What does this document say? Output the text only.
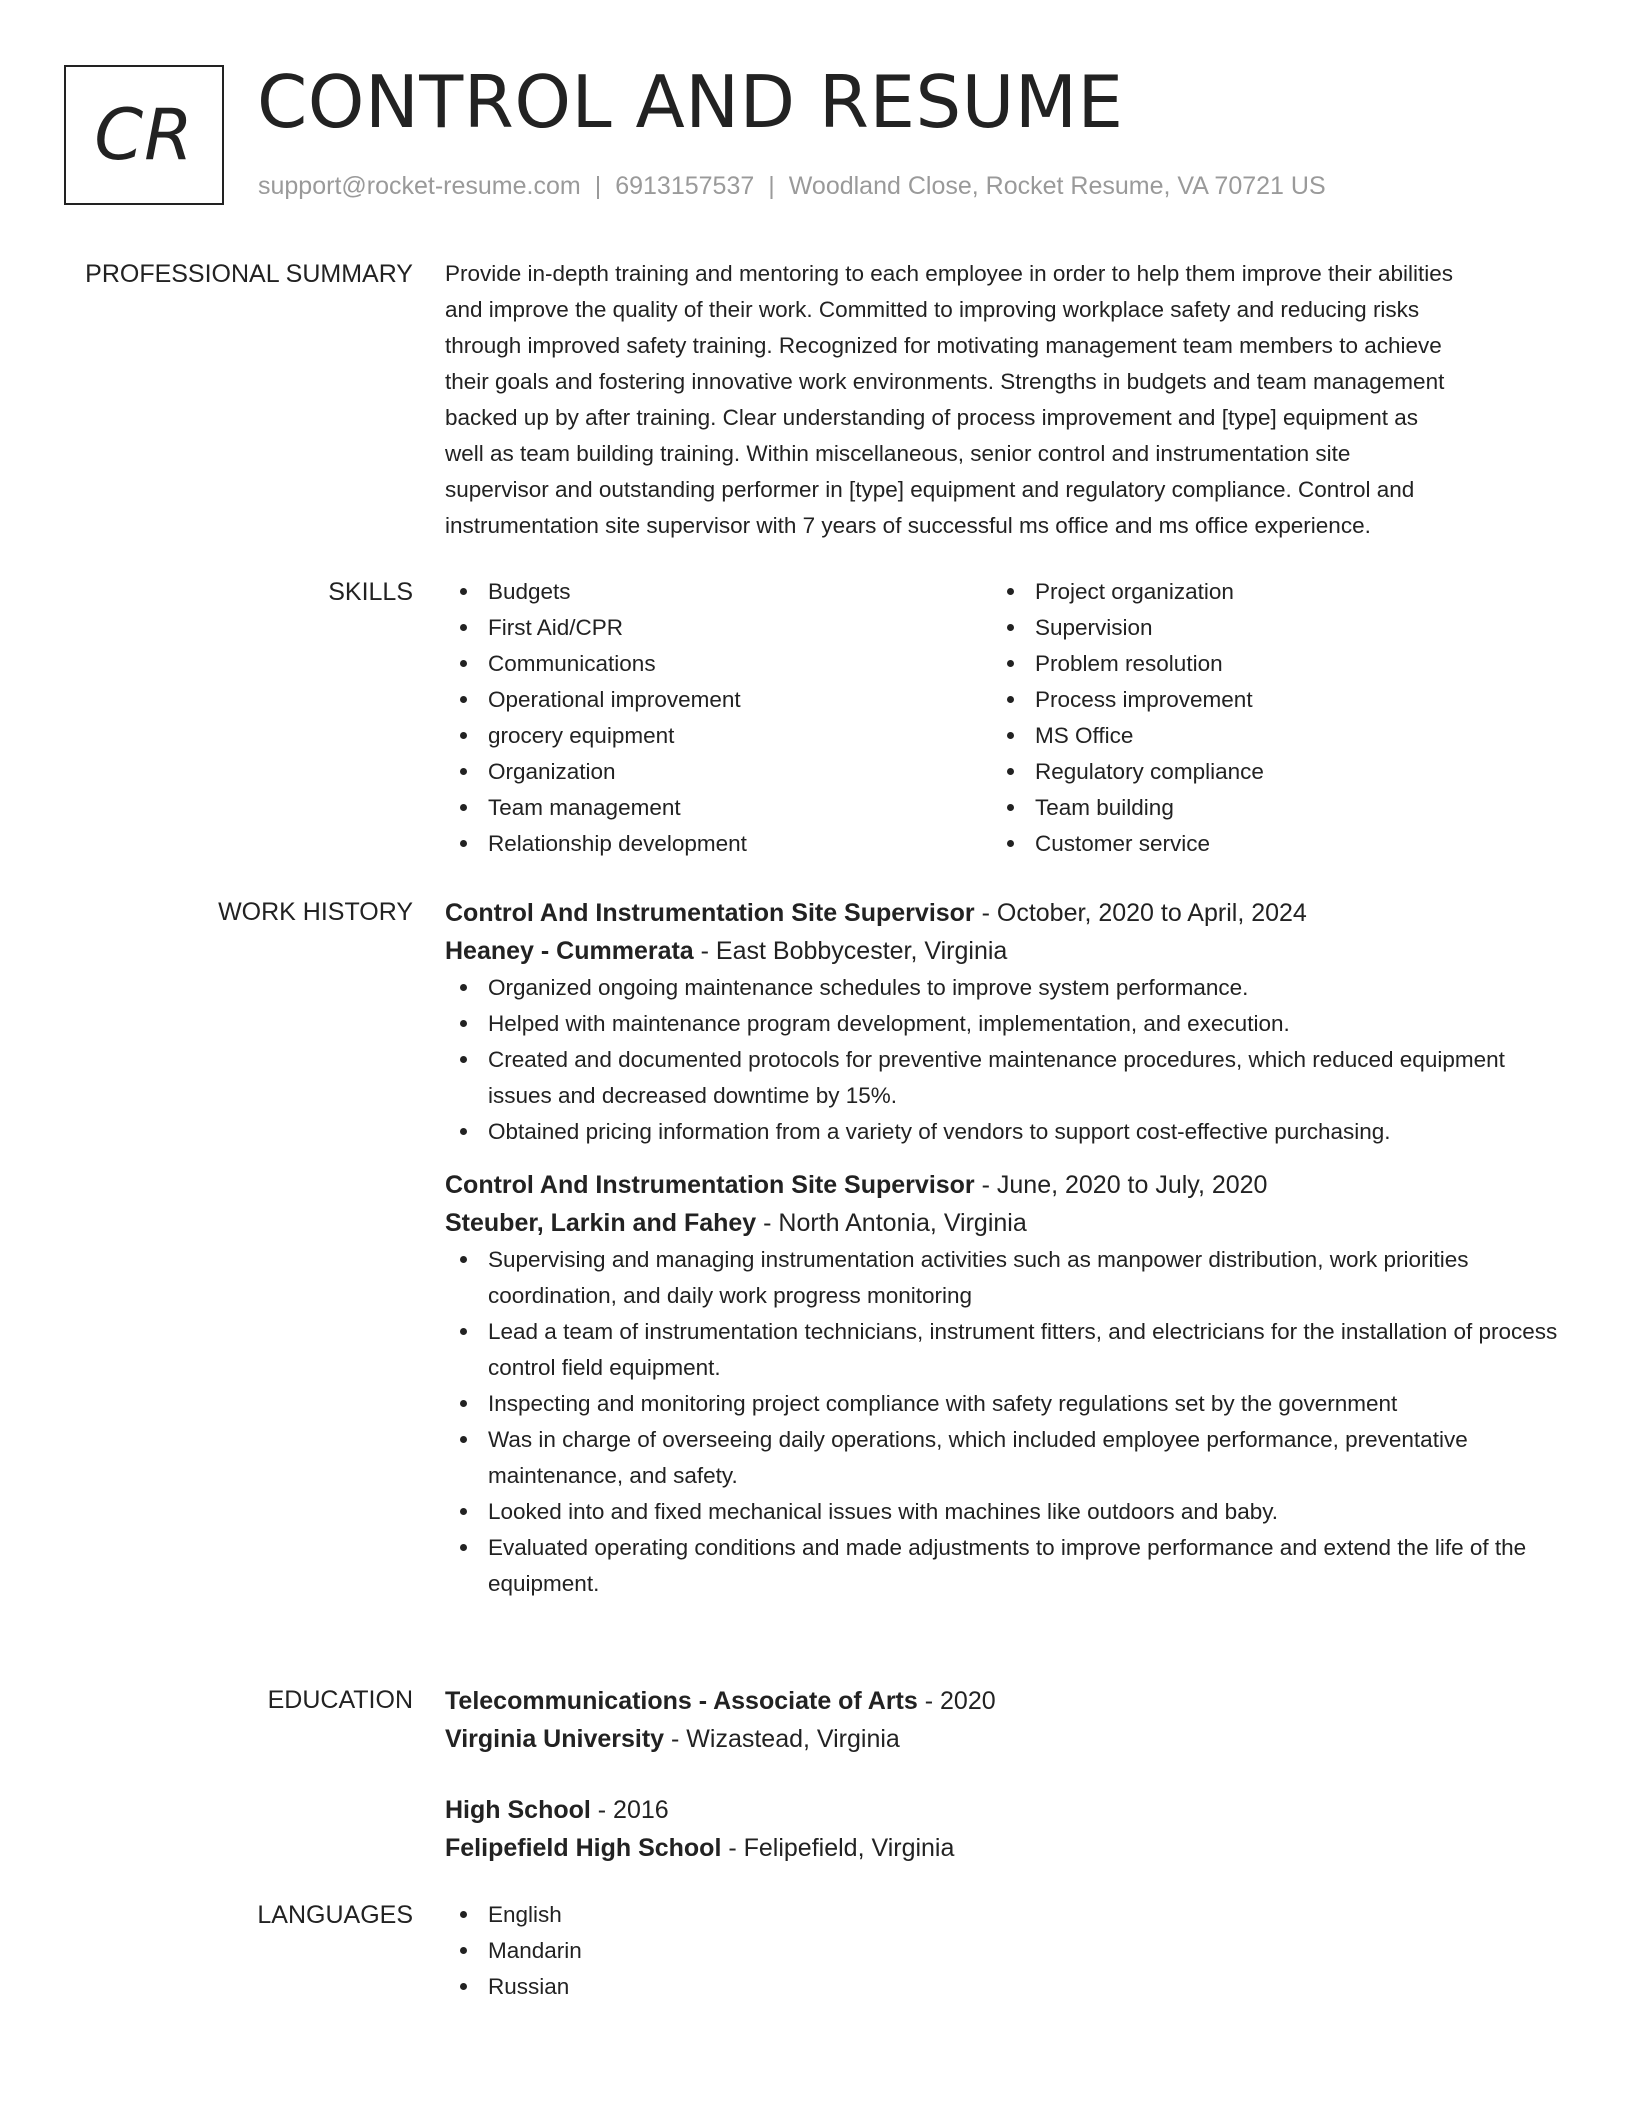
CR CONTROL AND RESUME
support@rocket-resume.com | 6913157537 | Woodland Close, Rocket Resume, VA 70721 US
PROFESSIONAL SUMMARY Provide in-depth training and mentoring to each employee in order to help them improve their abilities
and improve the quality of their work. Committed to improving workplace safety and reducing risks
through improved safety training. Recognized for motivating management team members to achieve
their goals and fostering innovative work environments. Strengths in budgets and team management
backed up by after training. Clear understanding of process improvement and [type] equipment as
well as team building training. Within miscellaneous, senior control and instrumentation site
supervisor and outstanding performer in [type] equipment and regulatory compliance. Control and
instrumentation site supervisor with 7 years of successful ms office and ms office experience.

SKILLS	Budgets
First Aid/CPR
Communications
Operational improvement
grocery equipment
Organization
Team management
Relationship development
Project organization
Supervision
Problem resolution
Process improvement
MS Office
Regulatory compliance
Team building
Customer service
WORK HISTORY Control And Instrumentation Site Supervisor - October, 2020 to April, 2024

Heaney - Cummerata - East Bobbycester, Virginia

Organized ongoing maintenance schedules to improve system performance.
Helped with maintenance program development, implementation, and execution.
Created and documented protocols for preventive maintenance procedures, which reduced equipment issues and decreased downtime by 15%.
Obtained pricing information from a variety of vendors to support cost-effective purchasing.

Control And Instrumentation Site Supervisor - June, 2020 to July, 2020

Steuber, Larkin and Fahey - North Antonia, Virginia

Supervising and managing instrumentation activities such as manpower distribution, work priorities coordination, and daily work progress monitoring
Lead a team of instrumentation technicians, instrument fitters, and electricians for the installation of process control field equipment.
Inspecting and monitoring project compliance with safety regulations set by the government
Was in charge of overseeing daily operations, which included employee performance, preventative maintenance, and safety.
Looked into and fixed mechanical issues with machines like outdoors and baby.
Evaluated operating conditions and made adjustments to improve performance and extend the life of the equipment.
EDUCATION Telecommunications - Associate of Arts - 2020

Virginia University - Wizastead, Virginia

High School - 2016

Felipefield High School - Felipefield, Virginia

LANGUAGES	English
Mandarin
Russian
